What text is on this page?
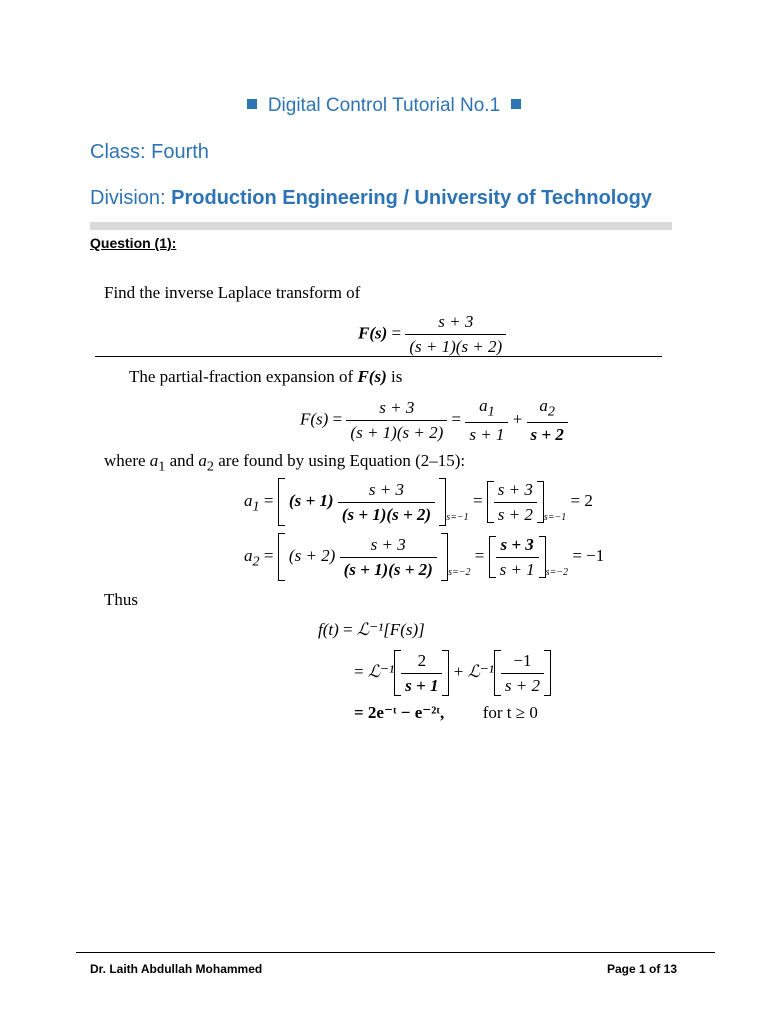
Digital Control Tutorial No.1
Class: Fourth
Division: Production Engineering / University of Technology
Question (1):
Find the inverse Laplace transform of
$F(s) = \frac{s + 3}{(s + 1)(s + 2)}$
The partial-fraction expansion of F(s) is
$F(s) = \frac{s + 3}{(s + 1)(s + 2)} = \frac{a_1}{s + 1} + \frac{a_2}{s + 2}$
where $a_1$ and $a_2$ are found by using Equation (2–15):
$a_1 = (s + 1) \frac{s + 3}{(s + 1)(s + 2)} _{s=-1} = \frac{s + 3}{s + 2} _{s=-1} = 2$
$a_2 = (s + 2) \frac{s + 3}{(s + 1)(s + 2)} _{s=-2} = \frac{s + 3}{s + 1} _{s=-2} = -1$
Thus
f(t) = ℒ⁻¹[F(s)]
= ℒ⁻¹ $\frac{2}{s + 1}$ + ℒ⁻¹ $\frac{-1}{s + 2}$
= 2e⁻ᵗ − e⁻²ᵗ, for t ≥ 0
Dr. Laith Abdullah Mohammed	Page 1 of 13
